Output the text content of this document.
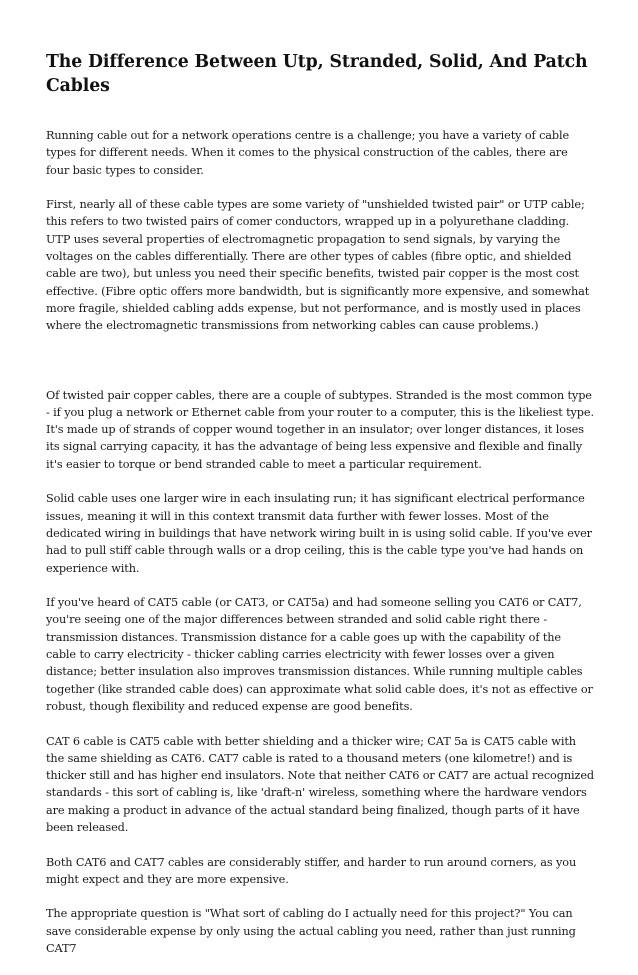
The Difference Between Utp, Stranded, Solid, And Patch Cables

Running cable out for a network operations centre is a challenge; you have a variety of cable types for different needs. When it comes to the physical construction of the cables, there are four basic types to consider.

First, nearly all of these cable types are some variety of "unshielded twisted pair" or UTP cable; this refers to two twisted pairs of comer conductors, wrapped up in a polyurethane cladding. UTP uses several properties of electromagnetic propagation to send signals, by varying the voltages on the cables differentially. There are other types of cables (fibre optic, and shielded cable are two), but unless you need their specific benefits, twisted pair copper is the most cost effective. (Fibre optic offers more bandwidth, but is significantly more expensive, and somewhat more fragile, shielded cabling adds expense, but not performance, and is mostly used in places where the electromagnetic transmissions from networking cables can cause problems.)

Of twisted pair copper cables, there are a couple of subtypes. Stranded is the most common type - if you plug a network or Ethernet cable from your router to a computer, this is the likeliest type. It's made up of strands of copper wound together in an insulator; over longer distances, it loses its signal carrying capacity, it has the advantage of being less expensive and flexible and finally it's easier to torque or bend stranded cable to meet a particular requirement.

Solid cable uses one larger wire in each insulating run; it has significant electrical performance issues, meaning it will in this context transmit data further with fewer losses. Most of the dedicated wiring in buildings that have network wiring built in is using solid cable. If you've ever had to pull stiff cable through walls or a drop ceiling, this is the cable type you've had hands on experience with.

If you've heard of CAT5 cable (or CAT3, or CAT5a) and had someone selling you CAT6 or CAT7, you're seeing one of the major differences between stranded and solid cable right there - transmission distances. Transmission distance for a cable goes up with the capability of the cable to carry electricity - thicker cabling carries electricity with fewer losses over a given distance; better insulation also improves transmission distances. While running multiple cables together (like stranded cable does) can approximate what solid cable does, it's not as effective or robust, though flexibility and reduced expense are good benefits.

CAT 6 cable is CAT5 cable with better shielding and a thicker wire; CAT 5a is CAT5 cable with the same shielding as CAT6. CAT7 cable is rated to a thousand meters (one kilometre!) and is thicker still and has higher end insulators. Note that neither CAT6 or CAT7 are actual recognized standards - this sort of cabling is, like 'draft-n' wireless, something where the hardware vendors are making a product in advance of the actual standard being finalized, though parts of it have been released.

Both CAT6 and CAT7 cables are considerably stiffer, and harder to run around corners, as you might expect and they are more expensive.

The appropriate question is "What sort of cabling do I actually need for this project?" You can save considerable expense by only using the actual cabling you need, rather than just running CAT7
